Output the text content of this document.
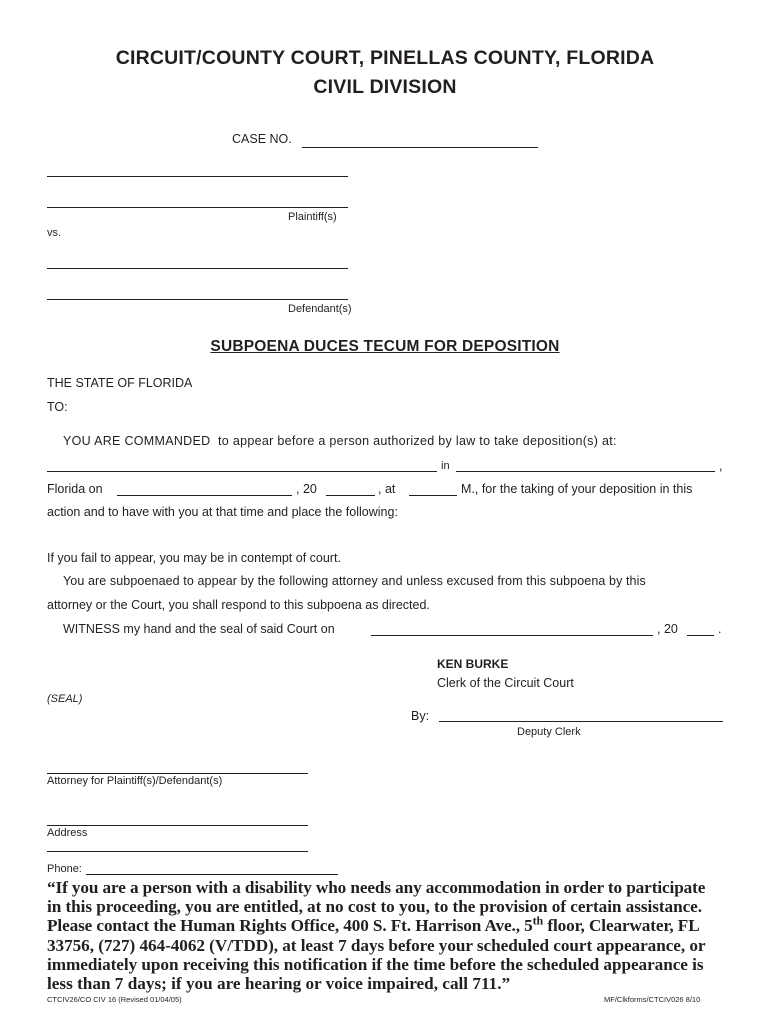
CIRCUIT/COUNTY COURT, PINELLAS COUNTY, FLORIDA
CIVIL DIVISION
CASE NO.
Plaintiff(s)
vs.
Defendant(s)
SUBPOENA DUCES TECUM FOR DEPOSITION
THE STATE OF FLORIDA
TO:
YOU ARE COMMANDED to appear before a person authorized by law to take deposition(s) at:
in	,
Florida on	, 20	, at	M., for the taking of your deposition in this
action and to have with you at that time and place the following:
If you fail to appear, you may be in contempt of court.
You are subpoenaed to appear by the following attorney and unless excused from this subpoena by this
attorney or the Court, you shall respond to this subpoena as directed.
WITNESS my hand and the seal of said Court on	, 20	.
KEN BURKE
Clerk of the Circuit Court
(SEAL)
By:
Deputy Clerk
Attorney for Plaintiff(s)/Defendant(s)
Address
Phone:
“If you are a person with a disability who needs any accommodation in order to participate
in this proceeding, you are entitled, at no cost to you, to the provision of certain assistance.
Please contact the Human Rights Office, 400 S. Ft. Harrison Ave., 5th floor, Clearwater, FL
33756, (727) 464-4062 (V/TDD), at least 7 days before your scheduled court appearance, or
immediately upon receiving this notification if the time before the scheduled appearance is
less than 7 days; if you are hearing or voice impaired, call 711.”
CTCIV26/CO CIV 16 (Revised 01/04/05)	MF/Clkforms/CTCIV026 8/10
